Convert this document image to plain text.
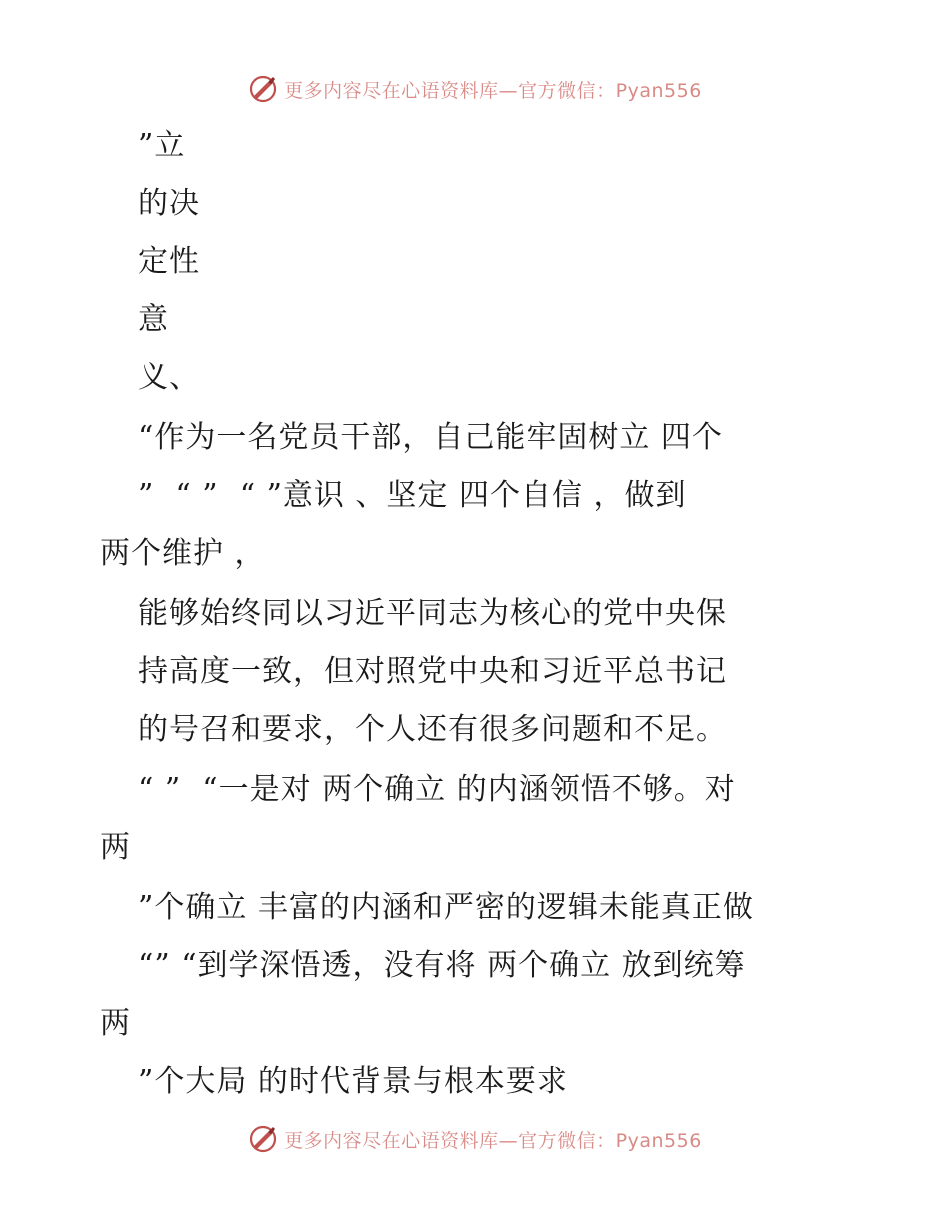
更多内容尽在心语资料库—官方微信：Pyan556
”立
的决
定性
意
义、
“作为一名党员干部，自己能牢固树立 四个
”  “ ”  “ ”意识 、坚定 四个自信 ，做到
两个维护 ，
能够始终同以习近平同志为核心的党中央保
持高度一致，但对照党中央和习近平总书记
的号召和要求，个人还有很多问题和不足。
“ ”  “一是对 两个确立 的内涵领悟不够。对
两
”个确立 丰富的内涵和严密的逻辑未能真正做
“” “到学深悟透，没有将 两个确立 放到统筹
两
”个大局 的时代背景与根本要求
更多内容尽在心语资料库—官方微信：Pyan556
